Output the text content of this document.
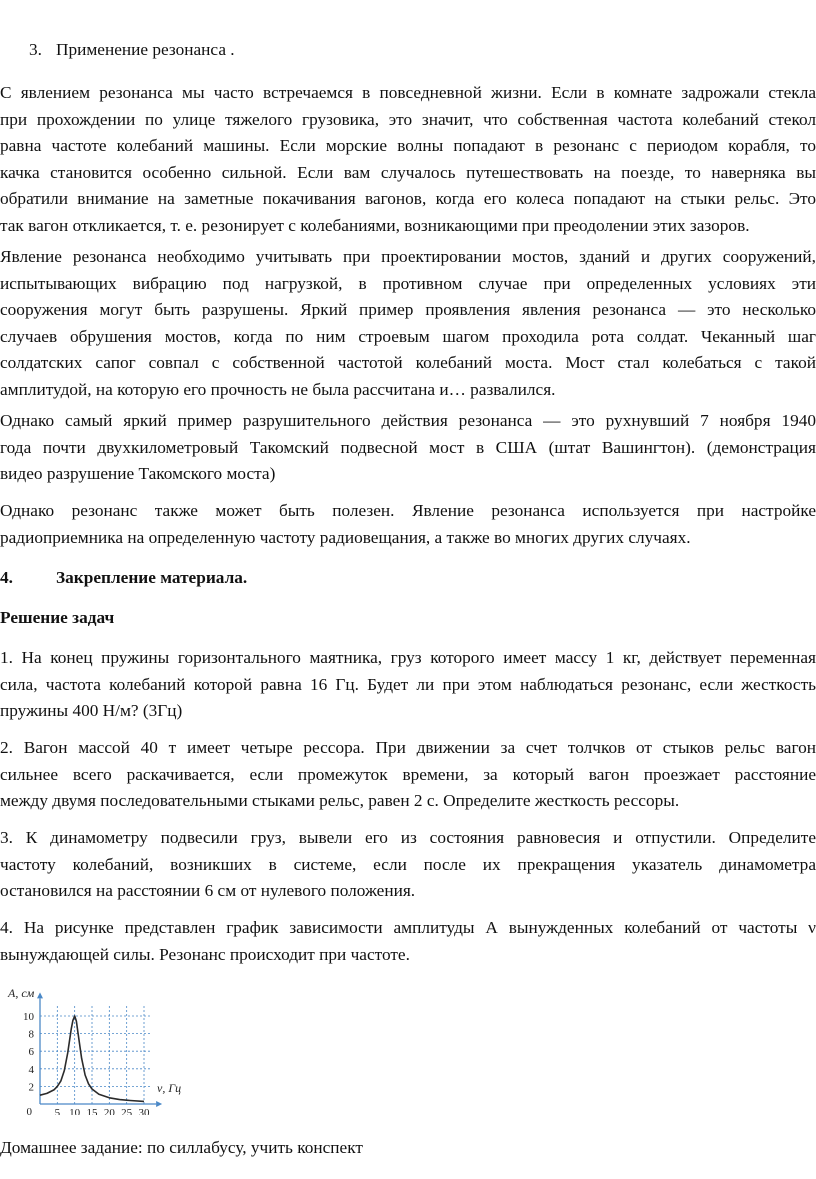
3. Применение резонанса .
С явлением резонанса мы часто встречаемся в повседневной жизни. Если в комнате задрожали стекла
при прохождении по улице тяжелого грузовика, это значит, что собственная частота колебаний стекол
равна частоте колебаний машины. Если морские волны попадают в резонанс с периодом корабля, то
качка становится особенно сильной. Если вам случалось путешествовать на поезде, то наверняка вы
обратили внимание на заметные покачивания вагонов, когда его колеса попадают на стыки рельс. Это
так вагон откликается, т. е. резонирует с колебаниями, возникающими при преодолении этих зазоров.
Явление резонанса необходимо учитывать при проектировании мостов, зданий и других сооружений,
испытывающих вибрацию под нагрузкой, в противном случае при определенных условиях эти
сооружения могут быть разрушены. Яркий пример проявления явления резонанса — это несколько
случаев обрушения мостов, когда по ним строевым шагом проходила рота солдат. Чеканный шаг
солдатских сапог совпал с собственной частотой колебаний моста. Мост стал колебаться с такой
амплитудой, на которую его прочность не была рассчитана и… развалился.
Однако самый яркий пример разрушительного действия резонанса — это рухнувший 7 ноября 1940
года почти двухкилометровый Такомский подвесной мост в США (штат Вашингтон). (демонстрация
видео разрушение Такомского моста)
Однако резонанс также может быть полезен. Явление резонанса используется при настройке
радиоприемника на определенную частоту радиовещания, а также во многих других случаях.
4. Закрепление материала.
Решение задач
1. На конец пружины горизонтального маятника, груз которого имеет массу 1 кг, действует переменная
сила, частота колебаний которой равна 16 Гц. Будет ли при этом наблюдаться резонанс, если жесткость
пружины 400 Н/м? (3Гц)
2. Вагон массой 40 т имеет четыре рессора. При движении за счет толчков от стыков рельс вагон
сильнее всего раскачивается, если промежуток времени, за который вагон проезжает расстояние
между двумя последовательными стыками рельс, равен 2 с. Определите жесткость рессоры.
3. К динамометру подвесили груз, вывели его из состояния равновесия и отпустили. Определите
частоту колебаний, возникших в системе, если после их прекращения указатель динамометра
остановился на расстоянии 6 см от нулевого положения.
4. На рисунке представлен график зависимости амплитуды А вынужденных колебаний от частоты ν
вынуждающей силы. Резонанс происходит при частоте.
5 10 15 20 25 30
2
4
6
8
10
0
A, см
ν, Гц
Домашнее задание: по силлабусу, учить конспект
